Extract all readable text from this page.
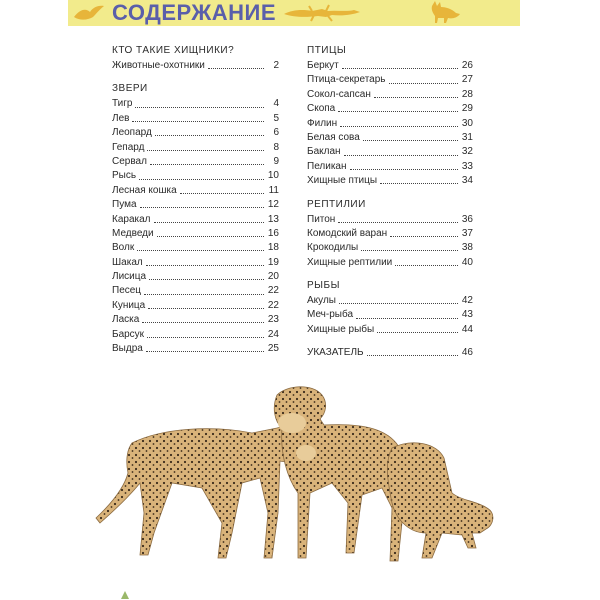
СОДЕРЖАНИЕ
КТО ТАКИЕ ХИЩНИКИ?
Животные-охотники	2
ЗВЕРИ
Тигр	4
Лев	5
Леопард	6
Гепард	8
Сервал	9
Рысь	10
Лесная кошка	11
Пума	12
Каракал	13
Медведи	16
Волк	18
Шакал	19
Лисица	20
Песец	22
Куница	22
Ласка	23
Барсук	24
Выдра	25
ПТИЦЫ
Беркут	26
Птица-секретарь	27
Сокол-сапсан	28
Скопа	29
Филин	30
Белая сова	31
Баклан	32
Пеликан	33
Хищные птицы	34
РЕПТИЛИИ
Питон	36
Комодский варан	37
Крокодилы	38
Хищные рептилии	40
РЫБЫ
Акулы	42
Меч-рыба	43
Хищные рыбы	44
УКАЗАТЕЛЬ	46
